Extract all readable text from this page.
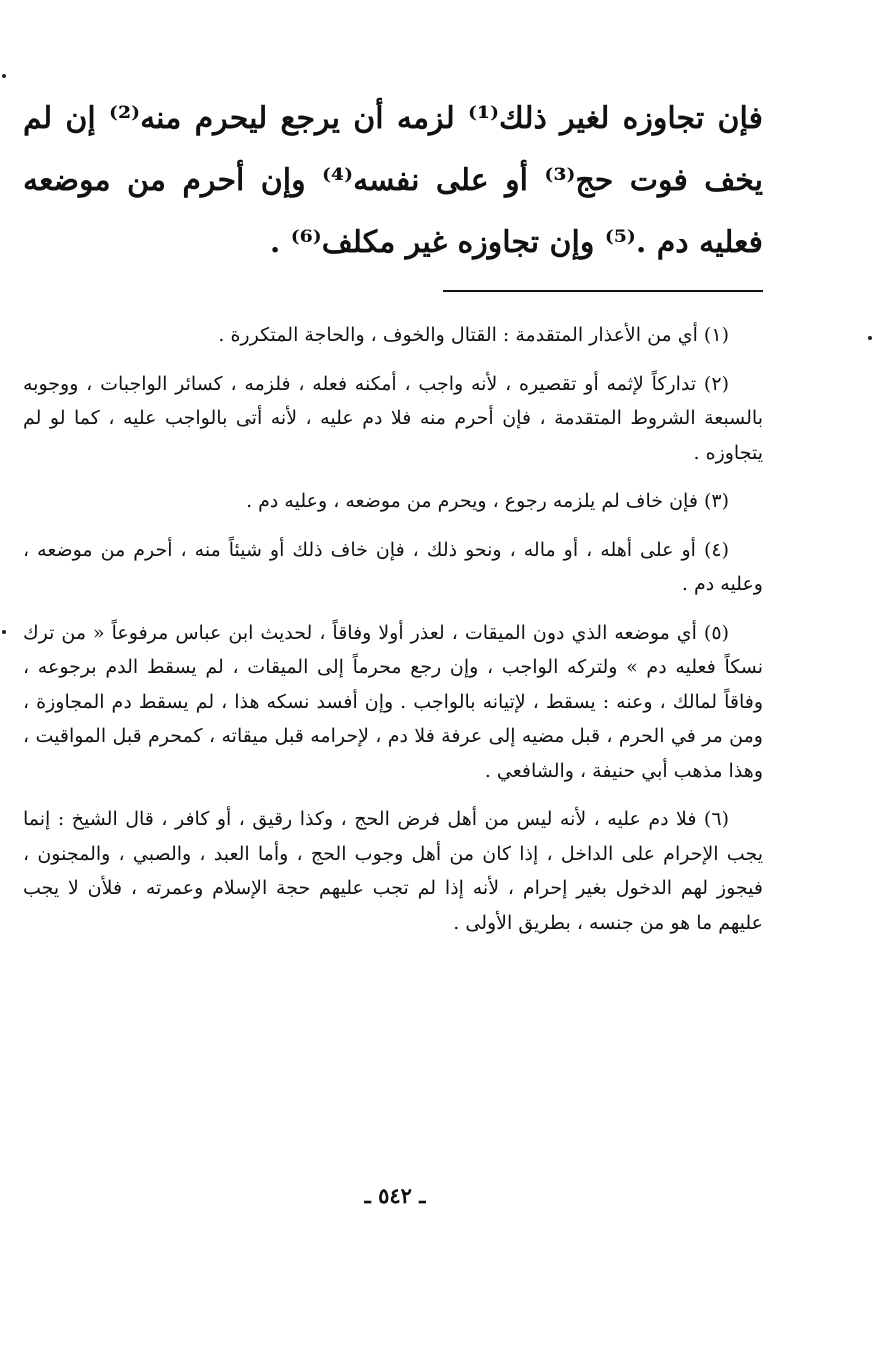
فإن تجاوزه لغير ذلك⁽¹⁾ لزمه أن يرجع ليحرم منه⁽²⁾ إن لم يخف فوت حج⁽³⁾ أو على نفسه⁽⁴⁾ وإن أحرم من موضعه فعليه دم .⁽⁵⁾ وإن تجاوزه غير مكلف⁽⁶⁾ .

(١) أي من الأعذار المتقدمة : القتال والخوف ، والحاجة المتكررة .

(٢) تداركاً لإثمه أو تقصيره ، لأنه واجب ، أمكنه فعله ، فلزمه ، كسائر الواجبات ، ووجوبه بالسبعة الشروط المتقدمة ، فإن أحرم منه فلا دم عليه ، لأنه أتى بالواجب عليه ، كما لو لم يتجاوزه .

(٣) فإن خاف لم يلزمه رجوع ، ويحرم من موضعه ، وعليه دم .

(٤) أو على أهله ، أو ماله ، ونحو ذلك ، فإن خاف ذلك أو شيئاً منه ، أحرم من موضعه ، وعليه دم .

(٥) أي موضعه الذي دون الميقات ، لعذر أولا وفاقاً ، لحديث ابن عباس مرفوعاً « من ترك نسكاً فعليه دم » ولتركه الواجب ، وإن رجع محرماً إلى الميقات ، لم يسقط الدم برجوعه ، وفاقاً لمالك ، وعنه : يسقط ، لإتيانه بالواجب . وإن أفسد نسكه هذا ، لم يسقط دم المجاوزة ، ومن مر في الحرم ، قبل مضيه إلى عرفة فلا دم ، لإحرامه قبل ميقاته ، كمحرم قبل المواقيت ، وهذا مذهب أبي حنيفة ، والشافعي .

(٦) فلا دم عليه ، لأنه ليس من أهل فرض الحج ، وكذا رقيق ، أو كافر ، قال الشيخ : إنما يجب الإحرام على الداخل ، إذا كان من أهل وجوب الحج ، وأما العبد ، والصبي ، والمجنون ، فيجوز لهم الدخول بغير إحرام ، لأنه إذا لم تجب عليهم حجة الإسلام وعمرته ، فلأن لا يجب عليهم ما هو من جنسه ، بطريق الأولى .

ـ ٥٤٢ ـ
